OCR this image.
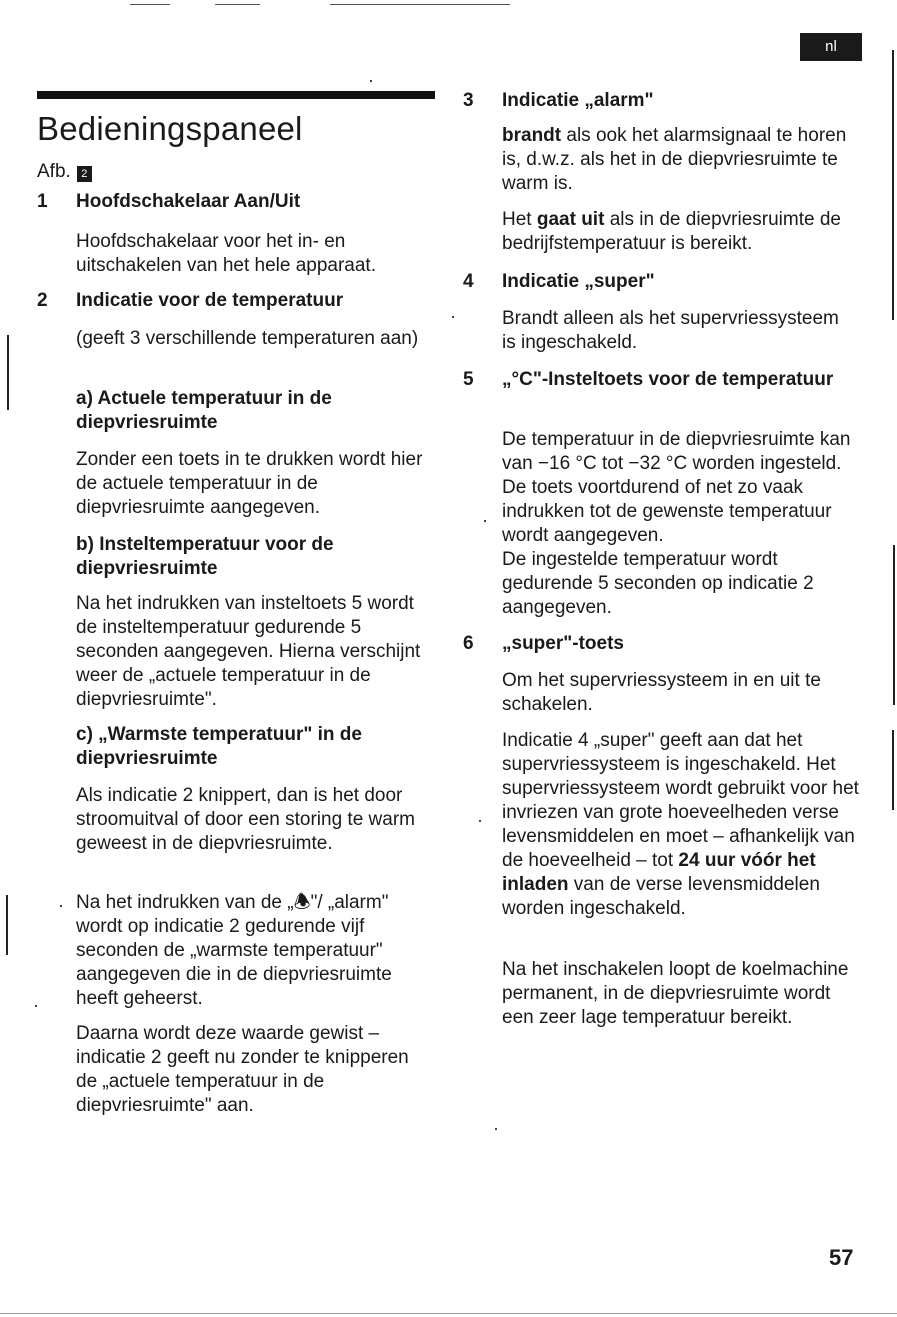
nl
Bedieningspaneel
Afb. 2
1 Hoofdschakelaar Aan/Uit

Hoofdschakelaar voor het in- en uitschakelen van het hele apparaat.

2 Indicatie voor de temperatuur

(geeft 3 verschillende temperaturen aan)

a) Actuele temperatuur in de diepvriesruimte

Zonder een toets in te drukken wordt hier de actuele temperatuur in de diepvriesruimte aangegeven.

b) Insteltemperatuur voor de diepvriesruimte

Na het indrukken van insteltoets 5 wordt de insteltemperatuur gedurende 5 seconden aangegeven. Hierna verschijnt weer de „actuele temperatuur in de diepvriesruimte".

c) „Warmste temperatuur" in de diepvriesruimte

Als indicatie 2 knippert, dan is het door stroomuitval of door een storing te warm geweest in de diepvriesruimte.

Na het indrukken van de „🕭"/ „alarm" wordt op indicatie 2 gedurende vijf seconden de „warmste temperatuur" aangegeven die in de diepvriesruimte heeft geheerst.

Daarna wordt deze waarde gewist – indicatie 2 geeft nu zonder te knipperen de „actuele temperatuur in de diepvriesruimte" aan.

3 Indicatie „alarm"

brandt als ook het alarmsignaal te horen is, d.w.z. als het in de diepvriesruimte te warm is.

Het gaat uit als in de diepvriesruimte de bedrijfstemperatuur is bereikt.

4 Indicatie „super"

Brandt alleen als het supervriessysteem is ingeschakeld.

5 „°C"-Insteltoets voor de temperatuur

De temperatuur in de diepvriesruimte kan van −16 °C tot −32 °C worden ingesteld. De toets voortdurend of net zo vaak indrukken tot de gewenste temperatuur wordt aangegeven.

De ingestelde temperatuur wordt gedurende 5 seconden op indicatie 2 aangegeven.

6 „super"-toets

Om het supervriessysteem in en uit te schakelen.

Indicatie 4 „super" geeft aan dat het supervriessysteem is ingeschakeld. Het supervriessysteem wordt gebruikt voor het invriezen van grote hoeveelheden verse levensmiddelen en moet – afhankelijk van de hoeveelheid – tot 24 uur vóór het inladen van de verse levensmiddelen worden ingeschakeld.

Na het inschakelen loopt de koelmachine permanent, in de diepvriesruimte wordt een zeer lage temperatuur bereikt.

57
